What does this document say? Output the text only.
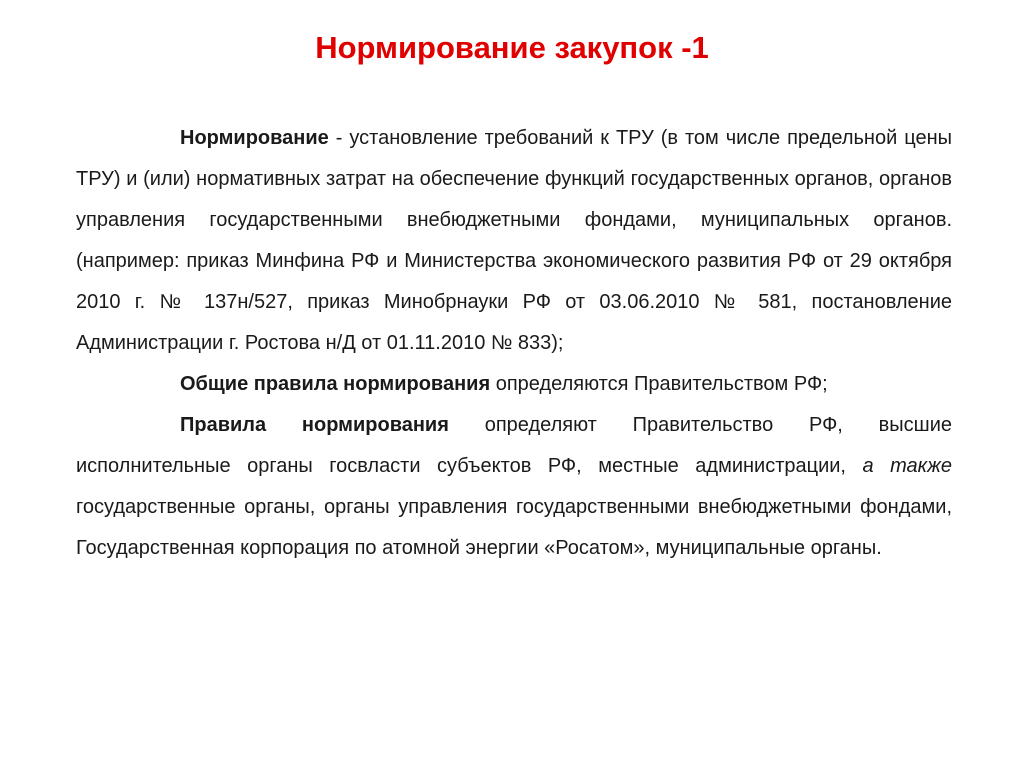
Нормирование закупок -1

Нормирование - установление требований к ТРУ (в том числе предельной цены ТРУ) и (или) нормативных затрат на обеспечение функций государственных органов, органов управления государственными внебюджетными фондами, муниципальных органов. (например: приказ Минфина РФ и Министерства экономического развития РФ от 29 октября 2010 г. № 137н/527, приказ Минобрнауки РФ от 03.06.2010 № 581, постановление Администрации г. Ростова н/Д от 01.11.2010 № 833);

Общие правила нормирования определяются Правительством РФ;

Правила нормирования определяют Правительство РФ, высшие исполнительные органы госвласти субъектов РФ, местные администрации, а также государственные органы, органы управления государственными внебюджетными фондами, Государственная корпорация по атомной энергии «Росатом», муниципальные органы.
